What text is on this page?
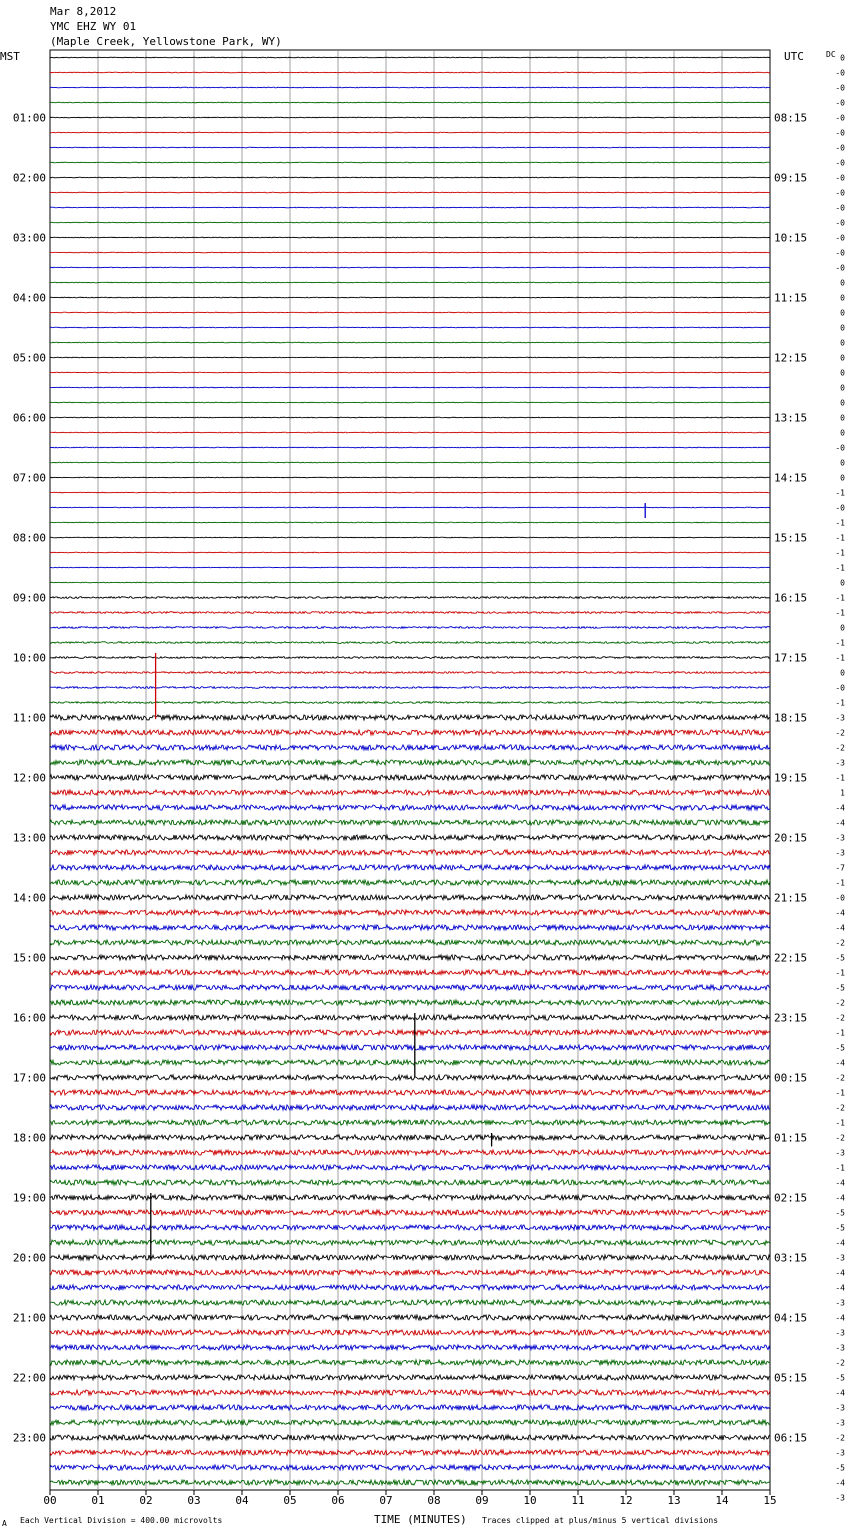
Mar 8,2012
YMC EHZ WY 01
(Maple Creek, Yellowstone Park, WY)
01:00
02:00
03:00
04:00
05:00
06:00
07:00
08:00
09:00
10:00
11:00
12:00
13:00
14:00
15:00
16:00
17:00
18:00
19:00
20:00
21:00
22:00
23:00
08:15
09:15
10:15
11:15
12:15
13:15
14:15
15:15
16:15
17:15
18:15
19:15
20:15
21:15
22:15
23:15
00:15
01:15
02:15
03:15
04:15
05:15
06:15
0
-0
-0
-0
-0
-0
-0
-0
-0
-0
-0
-0
-0
-0
-0
0
0
0
0
0
0
0
0
0
0
0
-0
0
0
-1
-0
-1
-1
-1
-1
0
-1
-1
0
-1
-1
0
-0
-1
-3
-2
-2
-3
-1
1
-4
-4
-3
-3
-7
-1
-0
-4
-4
-2
-5
-1
-5
-2
-2
-1
-5
-4
-2
-1
-2
-1
-2
-3
-1
-4
-4
-5
-5
-4
-3
-4
-4
-3
-4
-3
-3
-2
-5
-4
-3
-3
-2
-3
-5
-4
-3
00	01	02	03	04	05	06	07	08	09	10	11	12	13	14	15
MST	UTC	DC
TIME (MINUTES)
A Each Vertical Division = 400.00 microvolts	Traces clipped at plus/minus 5 vertical divisions
